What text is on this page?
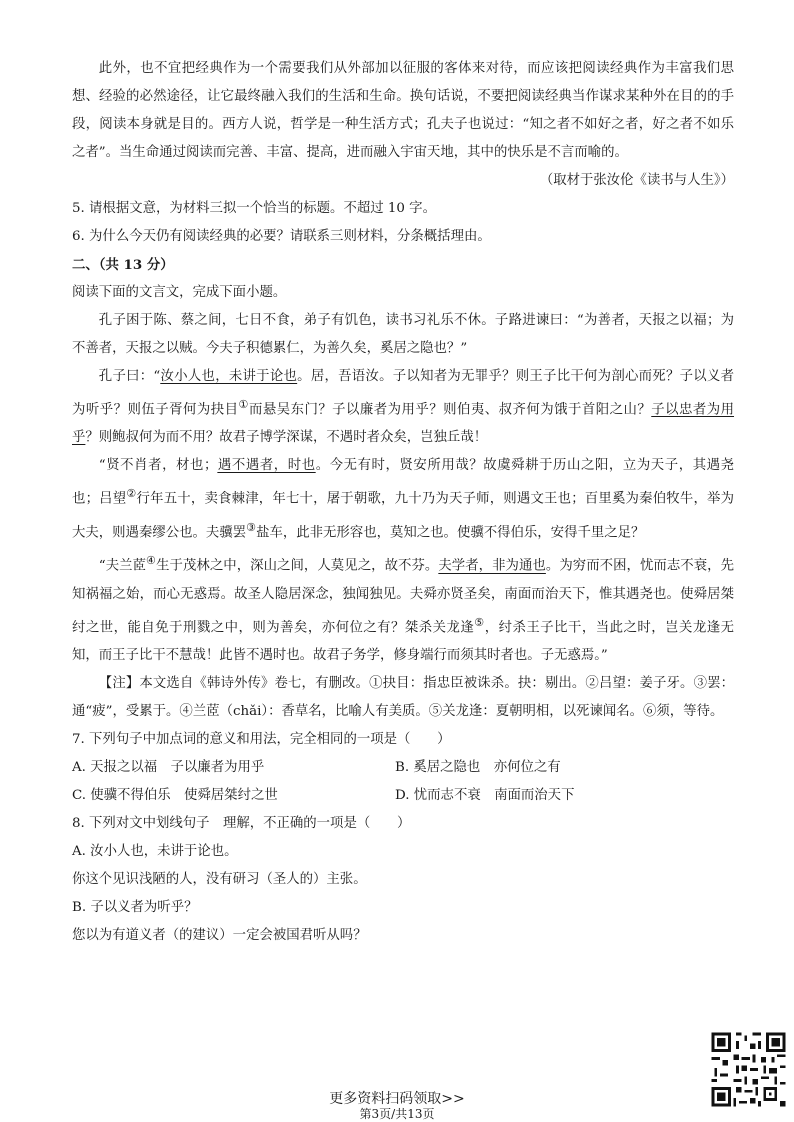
此外，也不宜把经典作为一个需要我们从外部加以征服的客体来对待，而应该把阅读经典作为丰富我们思想、经验的必然途径，让它最终融入我们的生活和生命。换句话说，不要把阅读经典当作谋求某种外在目的的手段，阅读本身就是目的。西方人说，哲学是一种生活方式；孔夫子也说过：“知之者不如好之者，好之者不如乐之者”。当生命通过阅读而完善、丰富、提高，进而融入宇宙天地，其中的快乐是不言而喻的。

（取材于张汝伦《读书与人生》）

5. 请根据文意，为材料三拟一个恰当的标题。不超过 10 字。

6. 为什么今天仍有阅读经典的必要？请联系三则材料，分条概括理由。

二、（共 13 分）

阅读下面的文言文，完成下面小题。

孔子困于陈、蔡之间，七日不食，弟子有饥色，读书习礼乐不休。子路进谏曰：“为善者，天报之以福；为不善者，天报之以贼。今夫子积德累仁，为善久矣，奚居之隐也？”

孔子曰：“汝小人也，未讲于论也。居，吾语汝。子以知者为无罪乎？则王子比干何为剖心而死？子以义者为听乎？则伍子胥何为抉目①而悬吴东门？子以廉者为用乎？则伯夷、叔齐何为饿于首阳之山？子以忠者为用乎？则鲍叔何为而不用？故君子博学深谋，不遇时者众矣，岂独丘哉！

“贤不肖者，材也；遇不遇者，时也。今无有时，贤安所用哉？故虞舜耕于历山之阳，立为天子，其遇尧也；吕望②行年五十，卖食棘津，年七十，屠于朝歌，九十乃为天子师，则遇文王也；百里奚为秦伯牧牛，举为大夫，则遇秦缪公也。夫骥罢③盐车，此非无形容也，莫知之也。使骥不得伯乐，安得千里之足？

“夫兰茝④生于茂林之中，深山之间，人莫见之，故不芬。夫学者，非为通也。为穷而不困，忧而志不衰，先知祸福之始，而心无惑焉。故圣人隐居深念，独闻独见。夫舜亦贤圣矣，南面而治天下，惟其遇尧也。使舜居桀纣之世，能自免于刑戮之中，则为善矣，亦何位之有？桀杀关龙逢⑤，纣杀王子比干，当此之时，岂关龙逢无知，而王子比干不慧哉！此皆不遇时也。故君子务学，修身端行而须其时者也。子无惑焉。”

【注】本文选自《韩诗外传》卷七，有删改。①抉目：指忠臣被诛杀。抉：剔出。②吕望：姜子牙。③罢：通“疲”，受累于。④兰茝（chǎi）：香草名，比喻人有美质。⑤关龙逢：夏朝明相，以死谏闻名。⑥须，等待。

7. 下列句子中加点词的意义和用法，完全相同的一项是（　　）

A. 天报之以福　子以廉者为用乎	B. 奚居之隐也　亦何位之有

C. 使骥不得伯乐　使舜居桀纣之世	D. 忧而志不衰　南面而治天下

8. 下列对文中划线句子　理解，不正确的一项是（　　）

A. 汝小人也，未讲于论也。

你这个见识浅陋的人，没有研习（圣人的）主张。

B. 子以义者为听乎？

您以为有道义者（的建议）一定会被国君听从吗？

更多资料扫码领取>>
第3页/共13页
